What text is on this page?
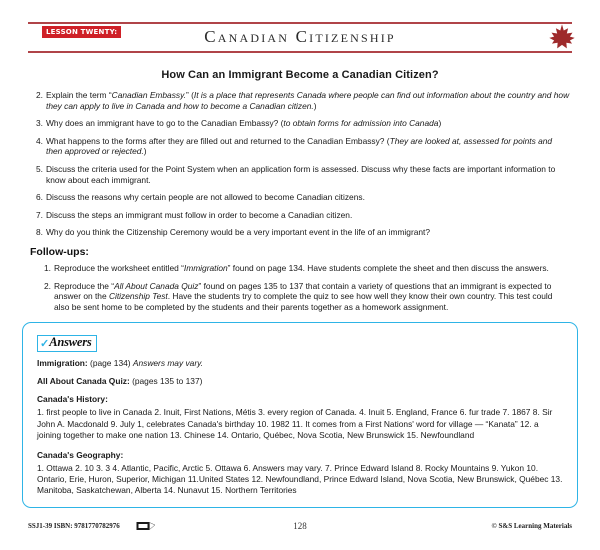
LESSON TWENTY:	Canadian Citizenship
How Can an Immigrant Become a Canadian Citizen?
2. Explain the term “Canadian Embassy.” (It is a place that represents Canada where people can find out information about the country and how they can apply to live in Canada and how to become a Canadian citizen.)
3. Why does an immigrant have to go to the Canadian Embassy? (to obtain forms for admission into Canada)
4. What happens to the forms after they are filled out and returned to the Canadian Embassy? (They are looked at, assessed for points and then approved or rejected.)
5. Discuss the criteria used for the Point System when an application form is assessed. Discuss why these facts are important information to know about each immigrant.
6. Discuss the reasons why certain people are not allowed to become Canadian citizens.
7. Discuss the steps an immigrant must follow in order to become a Canadian citizen.
8. Why do you think the Citizenship Ceremony would be a very important event in the life of an immigrant?
Follow-ups:
1. Reproduce the worksheet entitled “Immigration” found on page 134. Have students complete the sheet and then discuss the answers.
2. Reproduce the “All About Canada Quiz” found on pages 135 to 137 that contain a variety of questions that an immigrant is expected to answer on the Citizenship Test. Have the students try to complete the quiz to see how well they know their own country. This test could also be sent home to be completed by the students and their parents together as a homework assignment.
✓Answers
Immigration: (page 134) Answers may vary.
All About Canada Quiz: (pages 135 to 137)
Canada's History:
1. first people to live in Canada 2. Inuit, First Nations, Métis 3. every region of Canada. 4. Inuit 5. England, France 6. fur trade 7. 1867 8. Sir John A. Macdonald 9. July 1, celebrates Canada's birthday 10. 1982 11. It comes from a First Nations' word for village — “Kanata” 12. a joining together to make one nation 13. Chinese 14. Ontario, Québec, Nova Scotia, New Brunswick 15. Newfoundland
Canada's Geography:
1. Ottawa 2. 10 3. 3 4. Atlantic, Pacific, Arctic 5. Ottawa 6. Answers may vary. 7. Prince Edward Island 8. Rocky Mountains 9. Yukon 10. Ontario, Erie, Huron, Superior, Michigan 11.United States 12. Newfoundland, Prince Edward Island, Nova Scotia, New Brunswick, Québec 13. Manitoba, Saskatchewan, Alberta 14. Nunavut 15. Northern Territories
SSJ1-39 ISBN: 9781770782976	128	© S&S Learning Materials
